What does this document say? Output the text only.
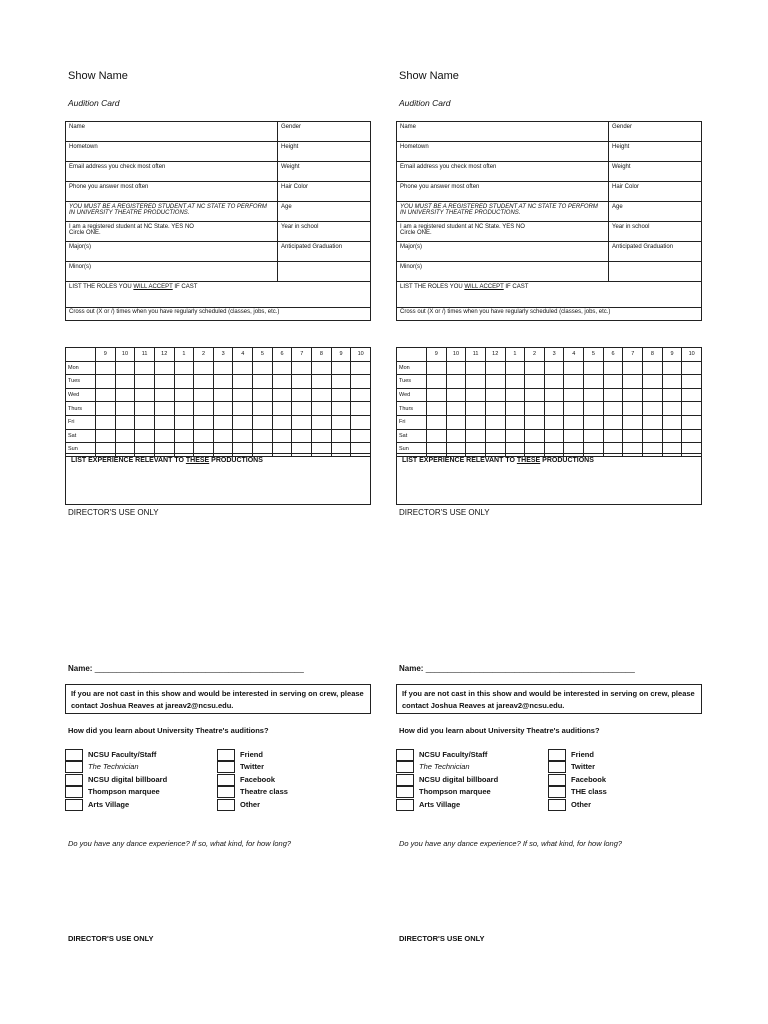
Show Name
Audition Card
Name	Gender
Hometown	Height
Email address you check most often	Weight
Phone you answer most often	Hair Color
YOU MUST BE A REGISTERED STUDENT AT NC STATE TO PERFORM IN UNIVERSITY THEATRE PRODUCTIONS.	Age
I am a registered student at NC State. YES NO
Circle ONE.	Year in school
Major(s)	Anticipated Graduation
Minor(s)	
LIST THE ROLES YOU WILL ACCEPT IF CAST	
Cross out (X or /) times when you have regularly scheduled (classes, jobs, etc.)	
	9	10	11	12	1	2	3	4	5	6	7	8	9	10
Mon														
Tues														
Wed														
Thurs														
Fri														
Sat														
Sun														
LIST EXPERIENCE RELEVANT TO THESE PRODUCTIONS
DIRECTOR'S USE ONLY
Name: _______________________________________________
If you are not cast in this show and would be interested in serving on crew, please contact Joshua Reaves at jareav2@ncsu.edu.
How did you learn about University Theatre's auditions?
NCSU Faculty/Staff
The Technician
NCSU digital billboard
Thompson marquee
Arts Village
Friend
Twitter
Facebook
Theatre class
Other
Do you have any dance experience? If so, what kind, for how long?
DIRECTOR'S USE ONLY
Show Name
Audition Card
Name	Gender
Hometown	Height
Email address you check most often	Weight
Phone you answer most often	Hair Color
YOU MUST BE A REGISTERED STUDENT AT NC STATE TO PERFORM IN UNIVERSITY THEATRE PRODUCTIONS.	Age
I am a registered student at NC State. YES NO
Circle ONE.	Year in school
Major(s)	Anticipated Graduation
Minor(s)	
LIST THE ROLES YOU WILL ACCEPT IF CAST	
Cross out (X or /) times when you have regularly scheduled (classes, jobs, etc.)	
	9	10	11	12	1	2	3	4	5	6	7	8	9	10
Mon														
Tues														
Wed														
Thurs														
Fri														
Sat														
Sun														
LIST EXPERIENCE RELEVANT TO THESE PRODUCTIONS
DIRECTOR'S USE ONLY
Name: _______________________________________________
If you are not cast in this show and would be interested in serving on crew, please contact Joshua Reaves at jareav2@ncsu.edu.
How did you learn about University Theatre's auditions?
NCSU Faculty/Staff
The Technician
NCSU digital billboard
Thompson marquee
Arts Village
Friend
Twitter
Facebook
THE class
Other
Do you have any dance experience? If so, what kind, for how long?
DIRECTOR'S USE ONLY
